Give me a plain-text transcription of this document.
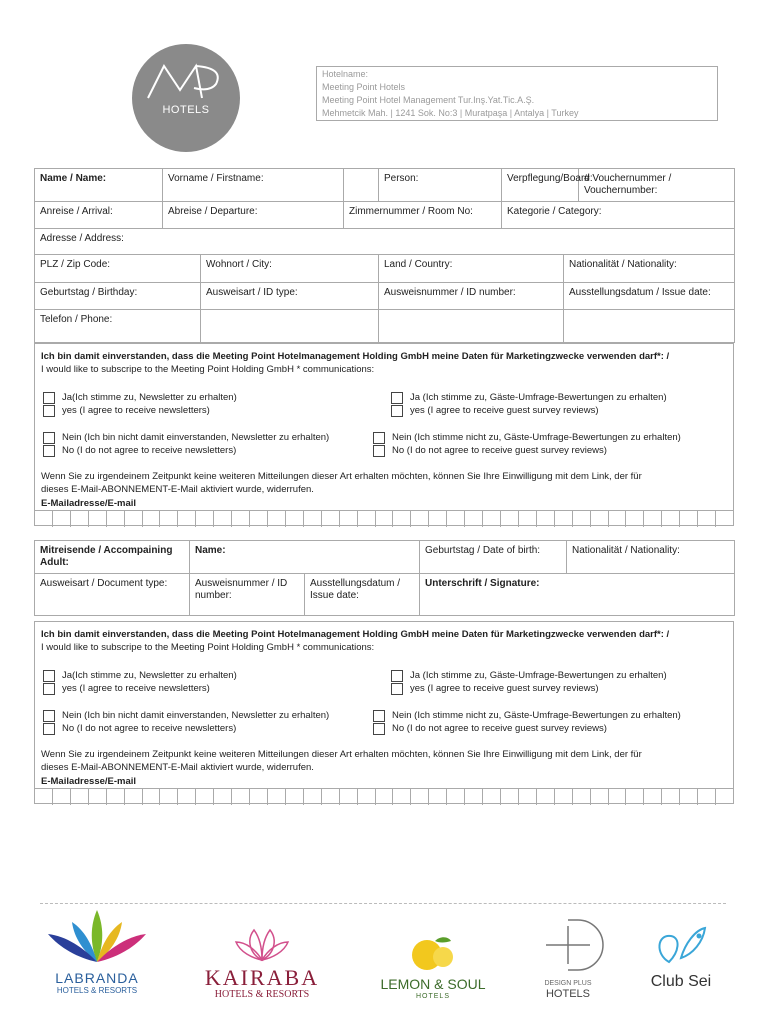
HOTELS
Hotelname:
Meeting Point Hotels
Meeting Point Hotel Management Tur.Inş.Yat.Tic.A.Ş.
Mehmetcik Mah. | 1241 Sok. No:3 | Muratpaşa | Antalya | Turkey
Name / Name:	Vorname / Firstname:			Person:	Verpflegung/Board:		# Vouchernummer / Vouchernumber:
Anreise / Arrival:	Abreise / Departure:		Zimmernummer / Room No:		Kategorie / Category:		
Adresse / Address:							
PLZ / Zip Code:		Wohnort / City:		Land / Country:		Nationalität / Nationality:	
Geburtstag / Birthday:		Ausweisart / ID type:		Ausweisnummer / ID number:		Ausstellungsdatum / Issue date:	
Telefon / Phone:							
Ich bin damit einverstanden, dass die Meeting Point Hotelmanagement Holding GmbH meine Daten für Marketingzwecke verwenden darf*: /
I would like to subscripe to the Meeting Point Holding GmbH * communications:
Ja(Ich stimme zu, Newsletter zu erhalten)
yes (I agree to receive newsletters)
Ja (Ich stimme zu, Gäste-Umfrage-Bewertungen zu erhalten)
yes (I agree to receive guest survey reviews)
Nein (Ich bin nicht damit einverstanden, Newsletter zu erhalten)
No (I do not agree to receive newsletters)
Nein (Ich stimme nicht zu, Gäste-Umfrage-Bewertungen zu erhalten)
No (I do not agree to receive guest survey reviews)
Wenn Sie zu irgendeinem Zeitpunkt keine weiteren Mitteilungen dieser Art erhalten möchten, können Sie Ihre Einwilligung mit dem Link, der für
dieses E-Mail-ABONNEMENT-E-Mail aktiviert wurde, widerrufen.
E-Mailadresse/E-mail
Mitreisende / Accompaining Adult:	Name:		Geburtstag / Date of birth:	Nationalität / Nationality:
Ausweisart / Document type:	Ausweisnummer / ID number:	Ausstellungsdatum / Issue date:	Unterschrift / Signature:	
Ich bin damit einverstanden, dass die Meeting Point Hotelmanagement Holding GmbH meine Daten für Marketingzwecke verwenden darf*: /
I would like to subscripe to the Meeting Point Holding GmbH * communications:
Ja(Ich stimme zu, Newsletter zu erhalten)
yes (I agree to receive newsletters)
Ja (Ich stimme zu, Gäste-Umfrage-Bewertungen zu erhalten)
yes (I agree to receive guest survey reviews)
Nein (Ich bin nicht damit einverstanden, Newsletter zu erhalten)
No (I do not agree to receive newsletters)
Nein (Ich stimme nicht zu, Gäste-Umfrage-Bewertungen zu erhalten)
No (I do not agree to receive guest survey reviews)
Wenn Sie zu irgendeinem Zeitpunkt keine weiteren Mitteilungen dieser Art erhalten möchten, können Sie Ihre Einwilligung mit dem Link, der für
dieses E-Mail-ABONNEMENT-E-Mail aktiviert wurde, widerrufen.
E-Mailadresse/E-mail
LABRANDA
HOTELS & RESORTS
KAIRABA
HOTELS & RESORTS
LEMON & SOUL
HOTELS
DESIGN PLUS
HOTELS
Club Sei
